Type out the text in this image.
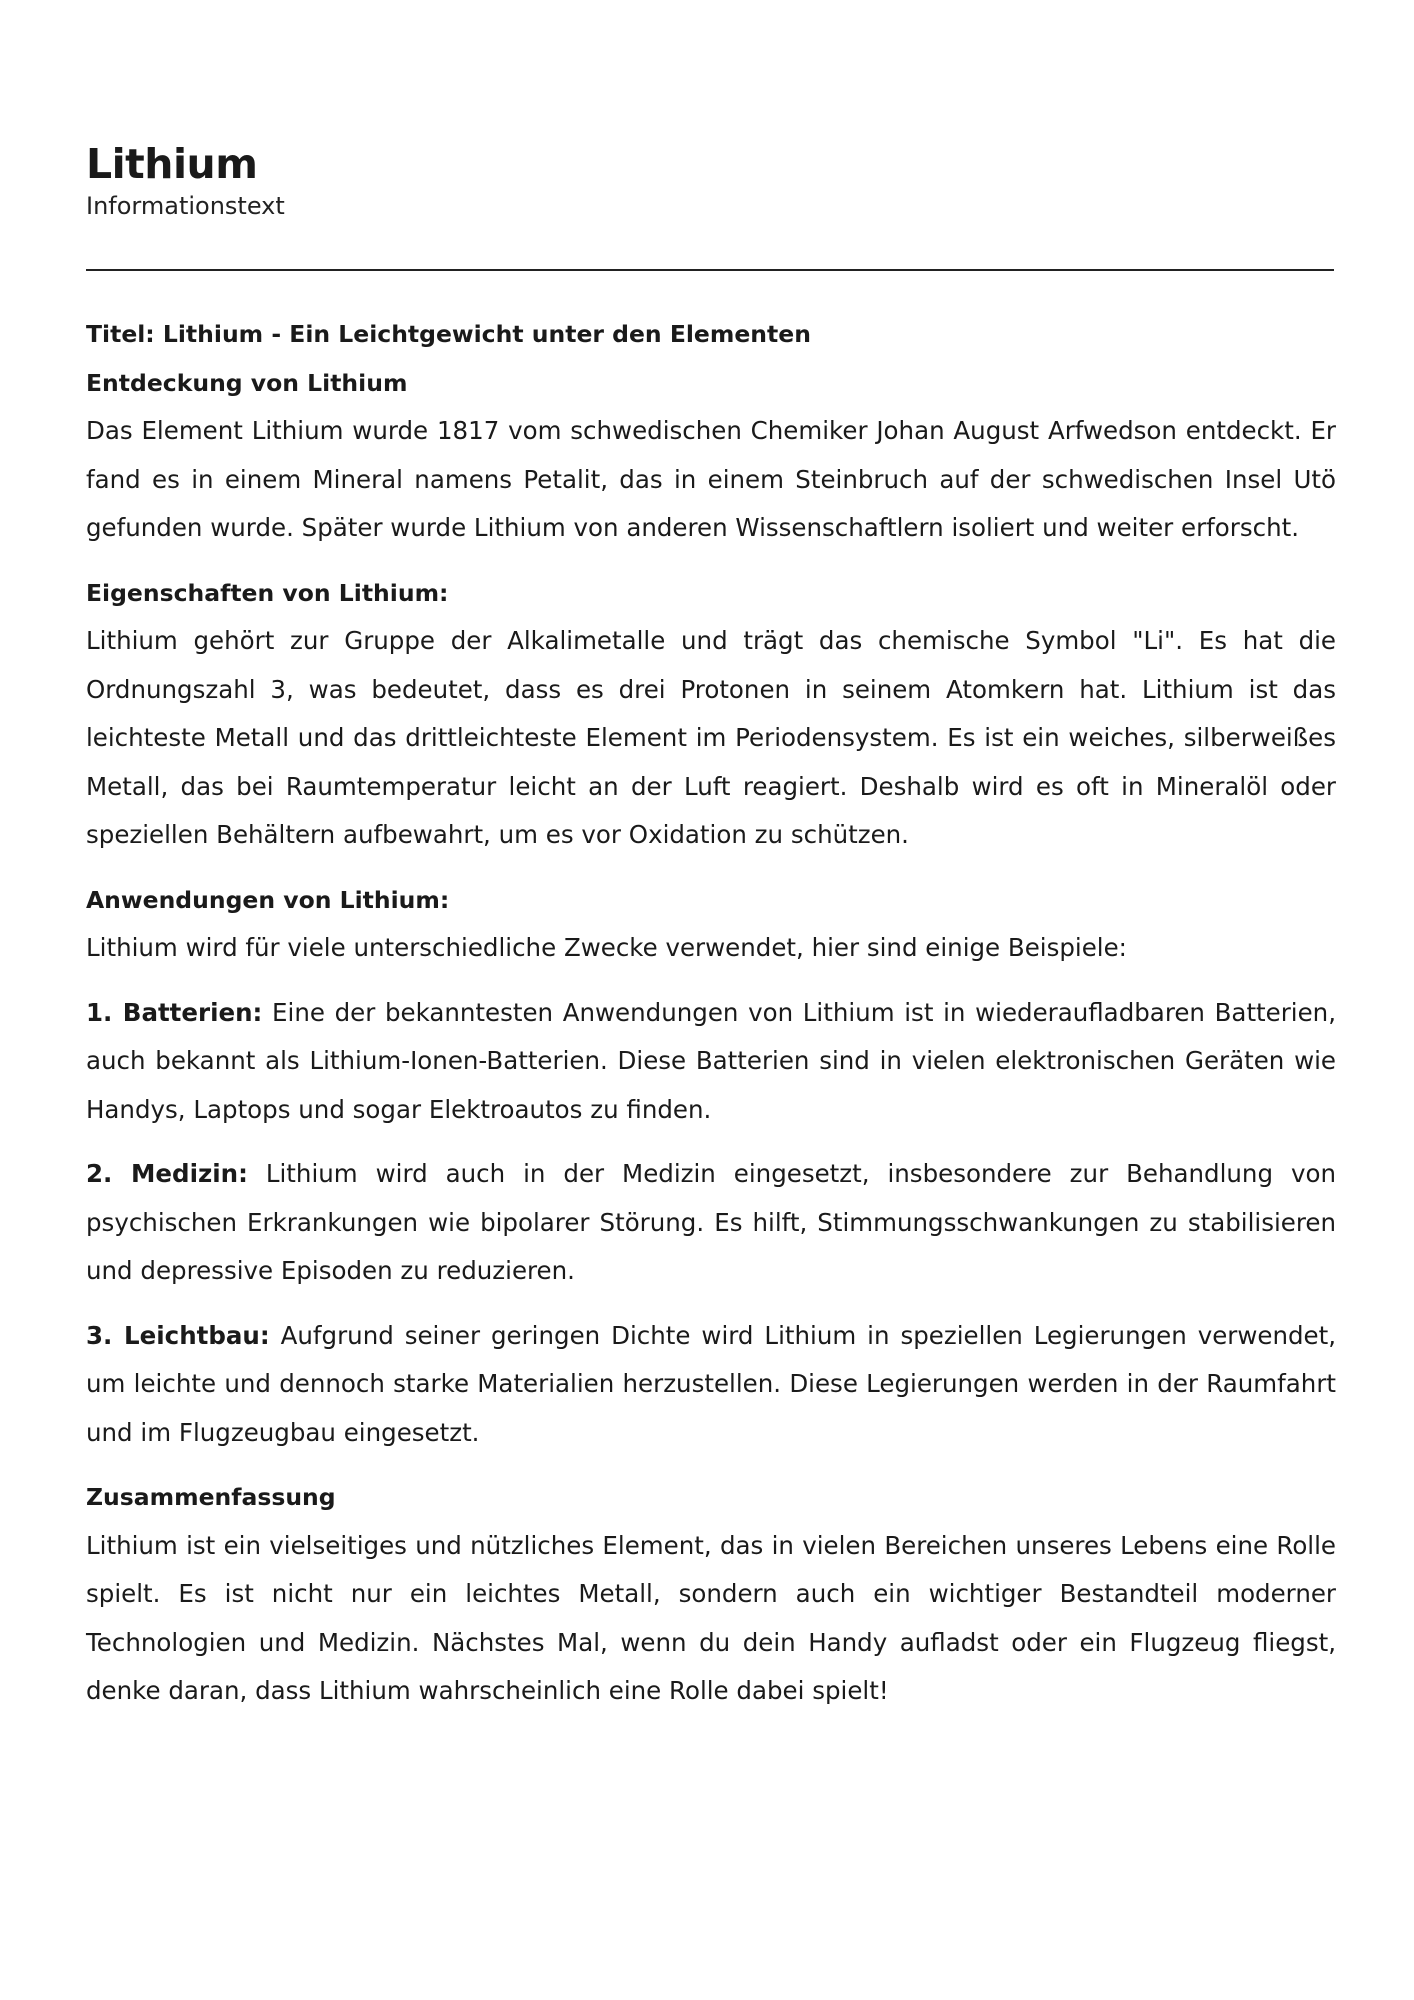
Lithium
Informationstext
Titel: Lithium - Ein Leichtgewicht unter den Elementen
Entdeckung von Lithium

Das Element Lithium wurde 1817 vom schwedischen Chemiker Johan August Arfwedson entdeckt. Er fand es in einem Mineral namens Petalit, das in einem Steinbruch auf der schwedischen Insel Utö gefunden wurde. Später wurde Lithium von anderen Wissenschaftlern isoliert und weiter erforscht.

Eigenschaften von Lithium:

Lithium gehört zur Gruppe der Alkalimetalle und trägt das chemische Symbol "Li". Es hat die Ordnungszahl 3, was bedeutet, dass es drei Protonen in seinem Atomkern hat. Lithium ist das leichteste Metall und das drittleichteste Element im Periodensystem. Es ist ein weiches, silberweißes Metall, das bei Raumtemperatur leicht an der Luft reagiert. Deshalb wird es oft in Mineralöl oder speziellen Behältern aufbewahrt, um es vor Oxidation zu schützen.

Anwendungen von Lithium:

Lithium wird für viele unterschiedliche Zwecke verwendet, hier sind einige Beispiele:

1. Batterien: Eine der bekanntesten Anwendungen von Lithium ist in wiederaufladbaren Batterien, auch bekannt als Lithium-Ionen-Batterien. Diese Batterien sind in vielen elektronischen Geräten wie Handys, Laptops und sogar Elektroautos zu finden.

2. Medizin: Lithium wird auch in der Medizin eingesetzt, insbesondere zur Behandlung von psychischen Erkrankungen wie bipolarer Störung. Es hilft, Stimmungsschwankungen zu stabilisieren und depressive Episoden zu reduzieren.

3. Leichtbau: Aufgrund seiner geringen Dichte wird Lithium in speziellen Legierungen verwendet, um leichte und dennoch starke Materialien herzustellen. Diese Legierungen werden in der Raumfahrt und im Flugzeugbau eingesetzt.

Zusammenfassung

Lithium ist ein vielseitiges und nützliches Element, das in vielen Bereichen unseres Lebens eine Rolle spielt. Es ist nicht nur ein leichtes Metall, sondern auch ein wichtiger Bestandteil moderner Technologien und Medizin. Nächstes Mal, wenn du dein Handy aufladst oder ein Flugzeug fliegst, denke daran, dass Lithium wahrscheinlich eine Rolle dabei spielt!
